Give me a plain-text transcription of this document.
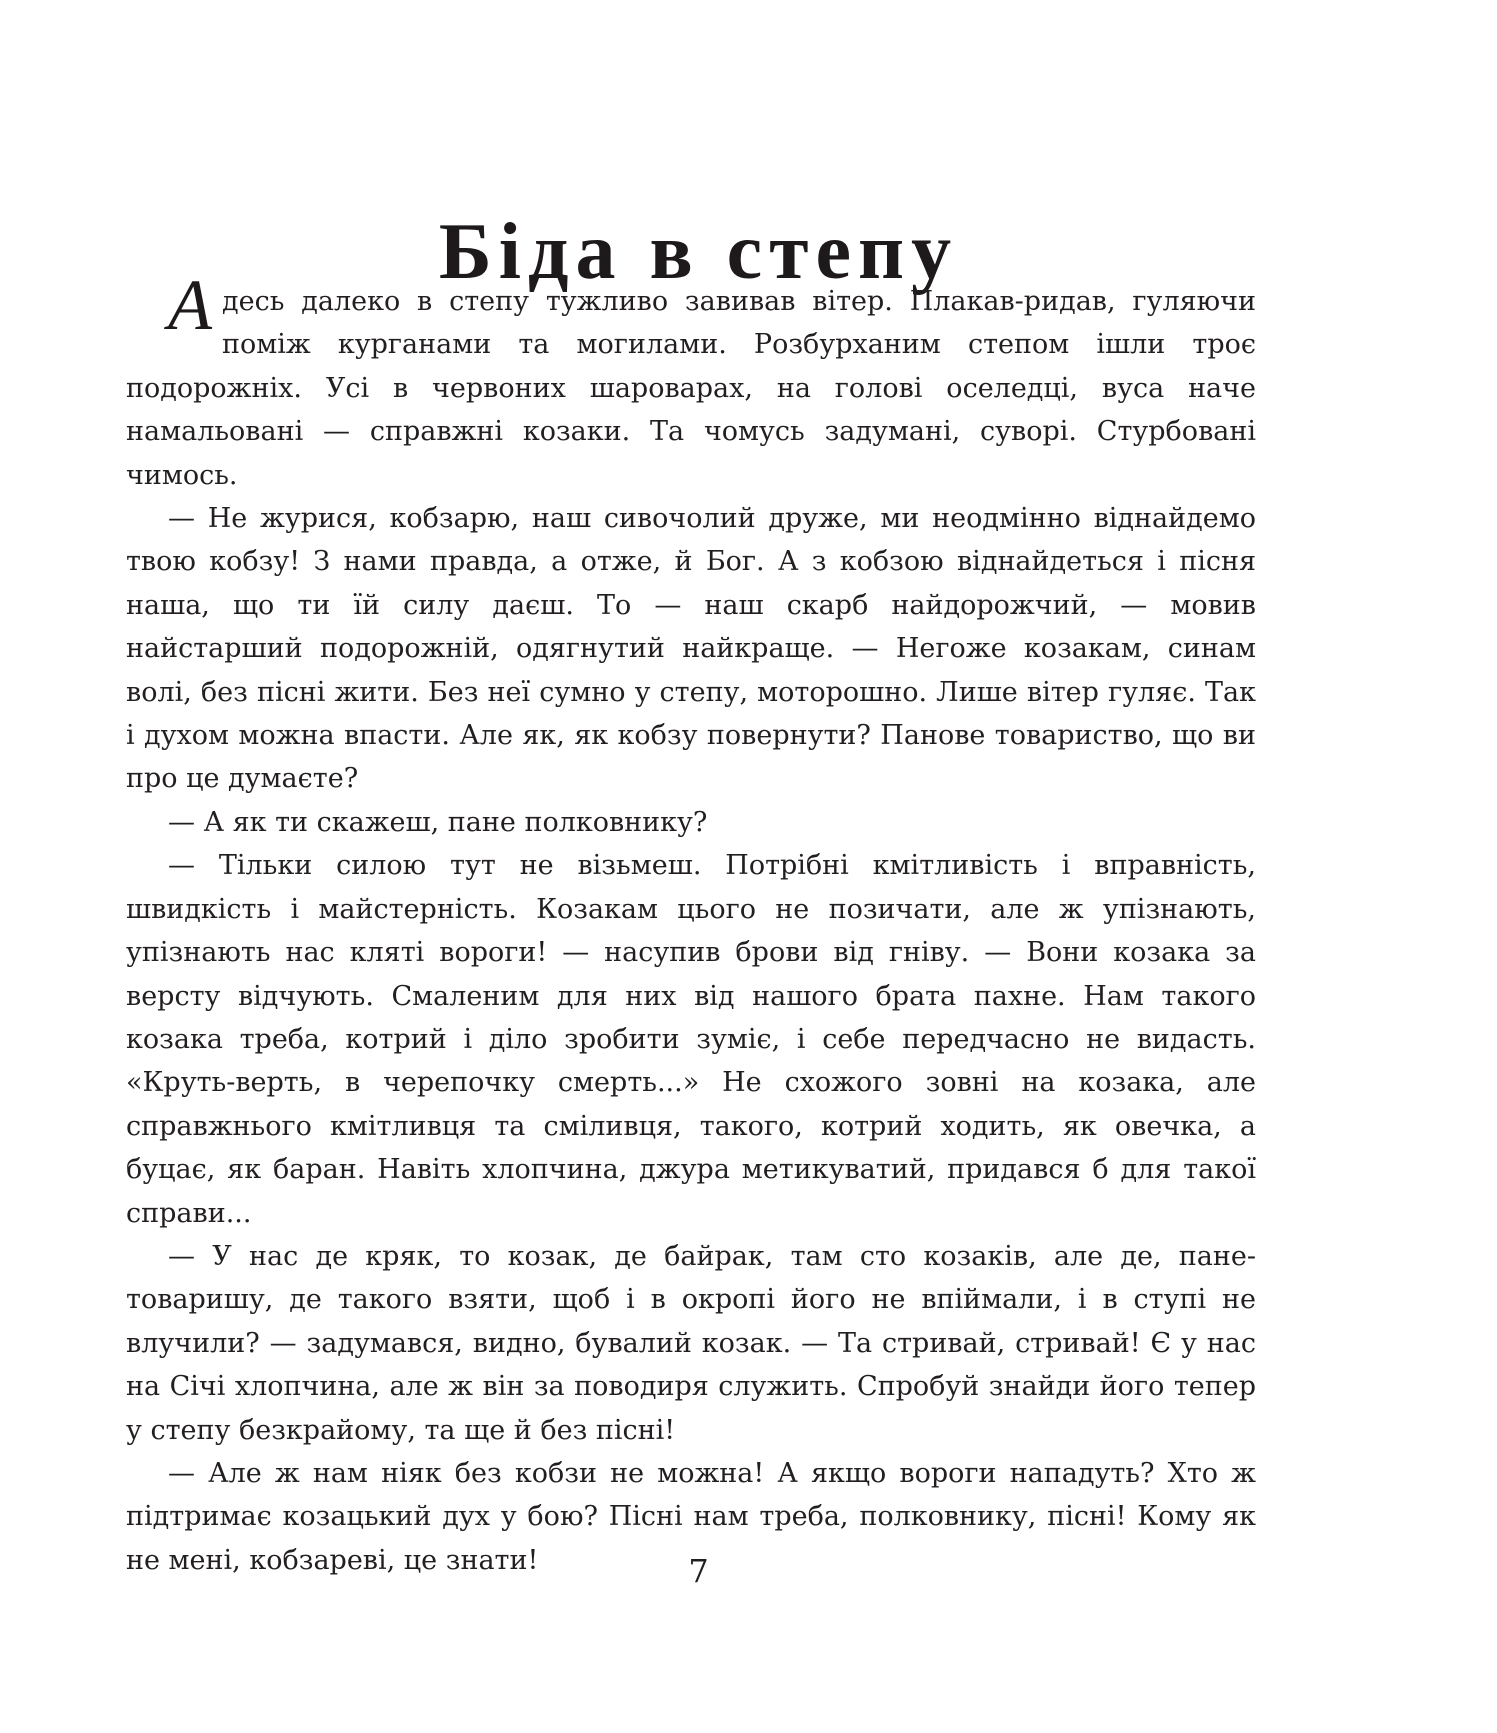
Біда в степу

Адесь далеко в степу тужливо завивав вітер. Плакав-ридав, гуляючи поміж курганами та могилами. Розбурханим степом ішли троє подорожніх. Усі в червоних шароварах, на голові оселедці, вуса наче намальовані — справжні козаки. Та чомусь задумані, суворі. Стурбовані чимось.

— Не журися, кобзарю, наш сивочолий друже, ми неодмінно віднайдемо твою кобзу! З нами правда, а отже, й Бог. А з кобзою віднайдеться і пісня наша, що ти їй силу даєш. То — наш скарб найдорожчий, — мовив найстарший подорожній, одягнутий найкраще. — Негоже козакам, синам волі, без пісні жити. Без неї сумно у степу, моторошно. Лише вітер гуляє. Так і духом можна впасти. Але як, як кобзу повернути? Панове товариство, що ви про це думаєте?

— А як ти скажеш, пане полковнику?

— Тільки силою тут не візьмеш. Потрібні кмітливість і вправність, швидкість і майстерність. Козакам цього не позичати, але ж упізнають, упізнають нас кляті вороги! — насупив брови від гніву. — Вони козака за версту відчують. Смаленим для них від нашого брата пахне. Нам такого козака треба, котрий і діло зробити зуміє, і себе передчасно не видасть. «Круть-верть, в черепочку смерть...» Не схожого зовні на козака, але справжнього кмітливця та сміливця, такого, котрий ходить, як овечка, а буцає, як баран. Навіть хлопчина, джура метикуватий, придався б для такої справи...

— У нас де кряк, то козак, де байрак, там сто козаків, але де, пане-товаришу, де такого взяти, щоб і в окропі його не впіймали, і в ступі не влучили? — задумався, видно, бувалий козак. — Та стривай, стривай! Є у нас на Січі хлопчина, але ж він за поводиря служить. Спробуй знайди його тепер у степу безкрайому, та ще й без пісні!

— Але ж нам ніяк без кобзи не можна! А якщо вороги нападуть? Хто ж підтримає козацький дух у бою? Пісні нам треба, полковнику, пісні! Кому як не мені, кобзареві, це знати!	7
